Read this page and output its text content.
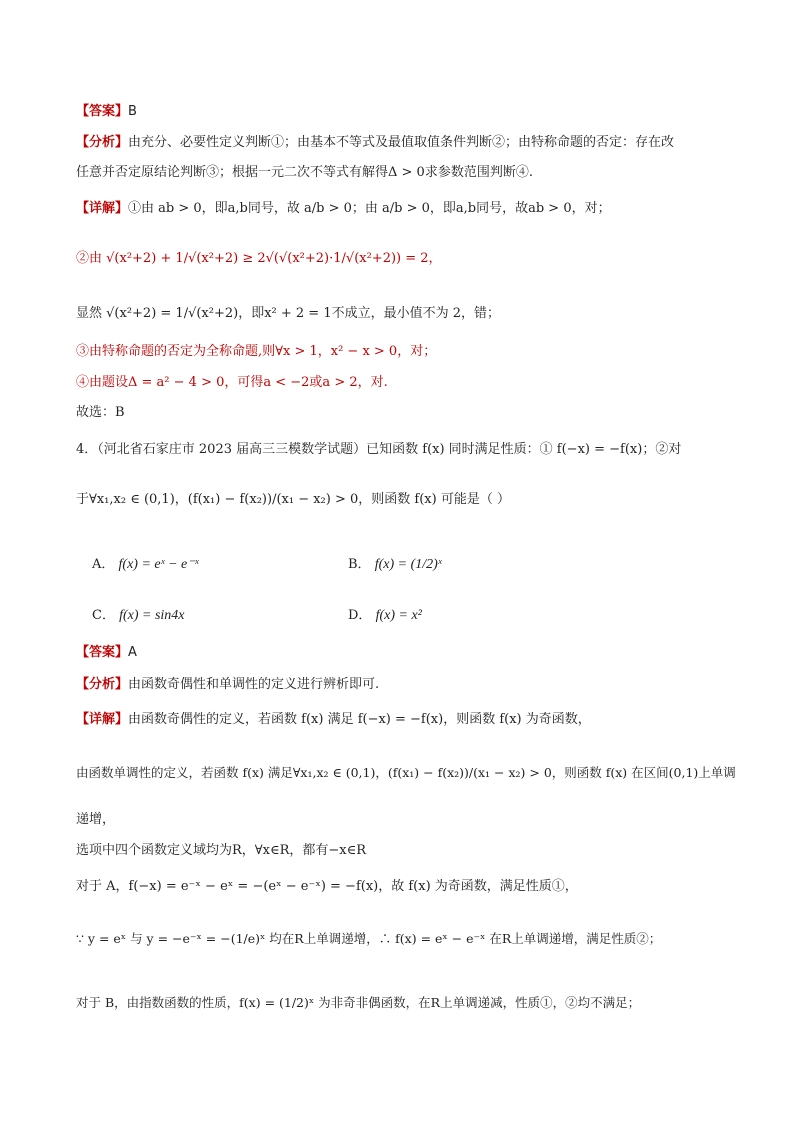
【答案】B
【分析】由充分、必要性定义判断①；由基本不等式及最值取值条件判断②；由特称命题的否定：存在改
任意并否定原结论判断③；根据一元二次不等式有解得Δ > 0求参数范围判断④.
【详解】①由 ab > 0，即a,b同号，故 a/b > 0；由 a/b > 0，即a,b同号，故ab > 0，对；
②由 √(x²+2) + 1/√(x²+2) ≥ 2√(√(x²+2)·1/√(x²+2)) = 2，
显然 √(x²+2) = 1/√(x²+2)，即x² + 2 = 1不成立，最小值不为 2，错；
③由特称命题的否定为全称命题,则∀x > 1，x² − x > 0，对；
④由题设Δ = a² − 4 > 0，可得a < −2或a > 2，对.
故选：B
4．（河北省石家庄市 2023 届高三三模数学试题）已知函数 f(x) 同时满足性质：① f(−x) = −f(x)；②对
于∀x₁,x₂ ∈ (0,1)，(f(x₁) − f(x₂))/(x₁ − x₂) > 0，则函数 f(x) 可能是（ ）
A． f(x) = eˣ − e⁻ˣ	B． f(x) = (1/2)ˣ
C． f(x) = sin4x	D． f(x) = x²
【答案】A
【分析】由函数奇偶性和单调性的定义进行辨析即可.
【详解】由函数奇偶性的定义，若函数 f(x) 满足 f(−x) = −f(x)，则函数 f(x) 为奇函数，
由函数单调性的定义，若函数 f(x) 满足∀x₁,x₂ ∈ (0,1)，(f(x₁) − f(x₂))/(x₁ − x₂) > 0，则函数 f(x) 在区间(0,1)上单调
递增，
选项中四个函数定义域均为R，∀x∈R，都有−x∈R
对于 A，f(−x) = e⁻ˣ − eˣ = −(eˣ − e⁻ˣ) = −f(x)，故 f(x) 为奇函数，满足性质①，
∵ y = eˣ 与 y = −e⁻ˣ = −(1/e)ˣ 均在R上单调递增，∴ f(x) = eˣ − e⁻ˣ 在R上单调递增，满足性质②；
对于 B，由指数函数的性质，f(x) = (1/2)ˣ 为非奇非偶函数，在R上单调递减，性质①，②均不满足；
